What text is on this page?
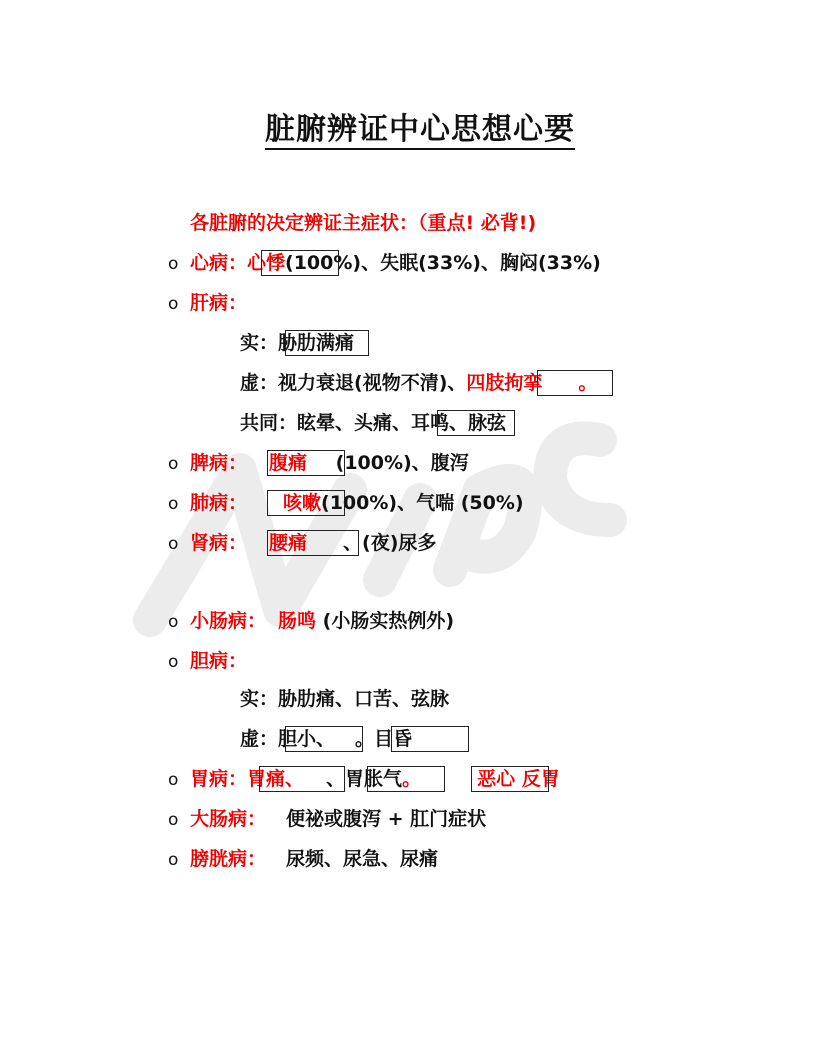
脏腑辨证中心思想心要
各脏腑的决定辨证主症状：（重点! 必背!)
o 心病：心悸(100%)、失眠(33%)、胸闷(33%)
o 肝病：
实：胁肋满痛
虚：视力衰退(视物不清)、四肢拘挛 。
共同：眩晕、头痛、耳鸣、脉弦
o 脾病： 腹痛 (100%)、腹泻
o 肺病： 咳嗽(100%)、气喘 (50%)
o 肾病： 腰痛 、(夜)尿多
o 小肠病： 肠鸣 (小肠实热例外)
o 胆病：
实：胁肋痛、口苦、弦脉
虚：胆小、 。目昏
o 胃病：胃痛、 、胃胀气。	恶心 反胃
o 大肠病： 便祕或腹泻 + 肛门症状
o 膀胱病： 尿频、尿急、尿痛
